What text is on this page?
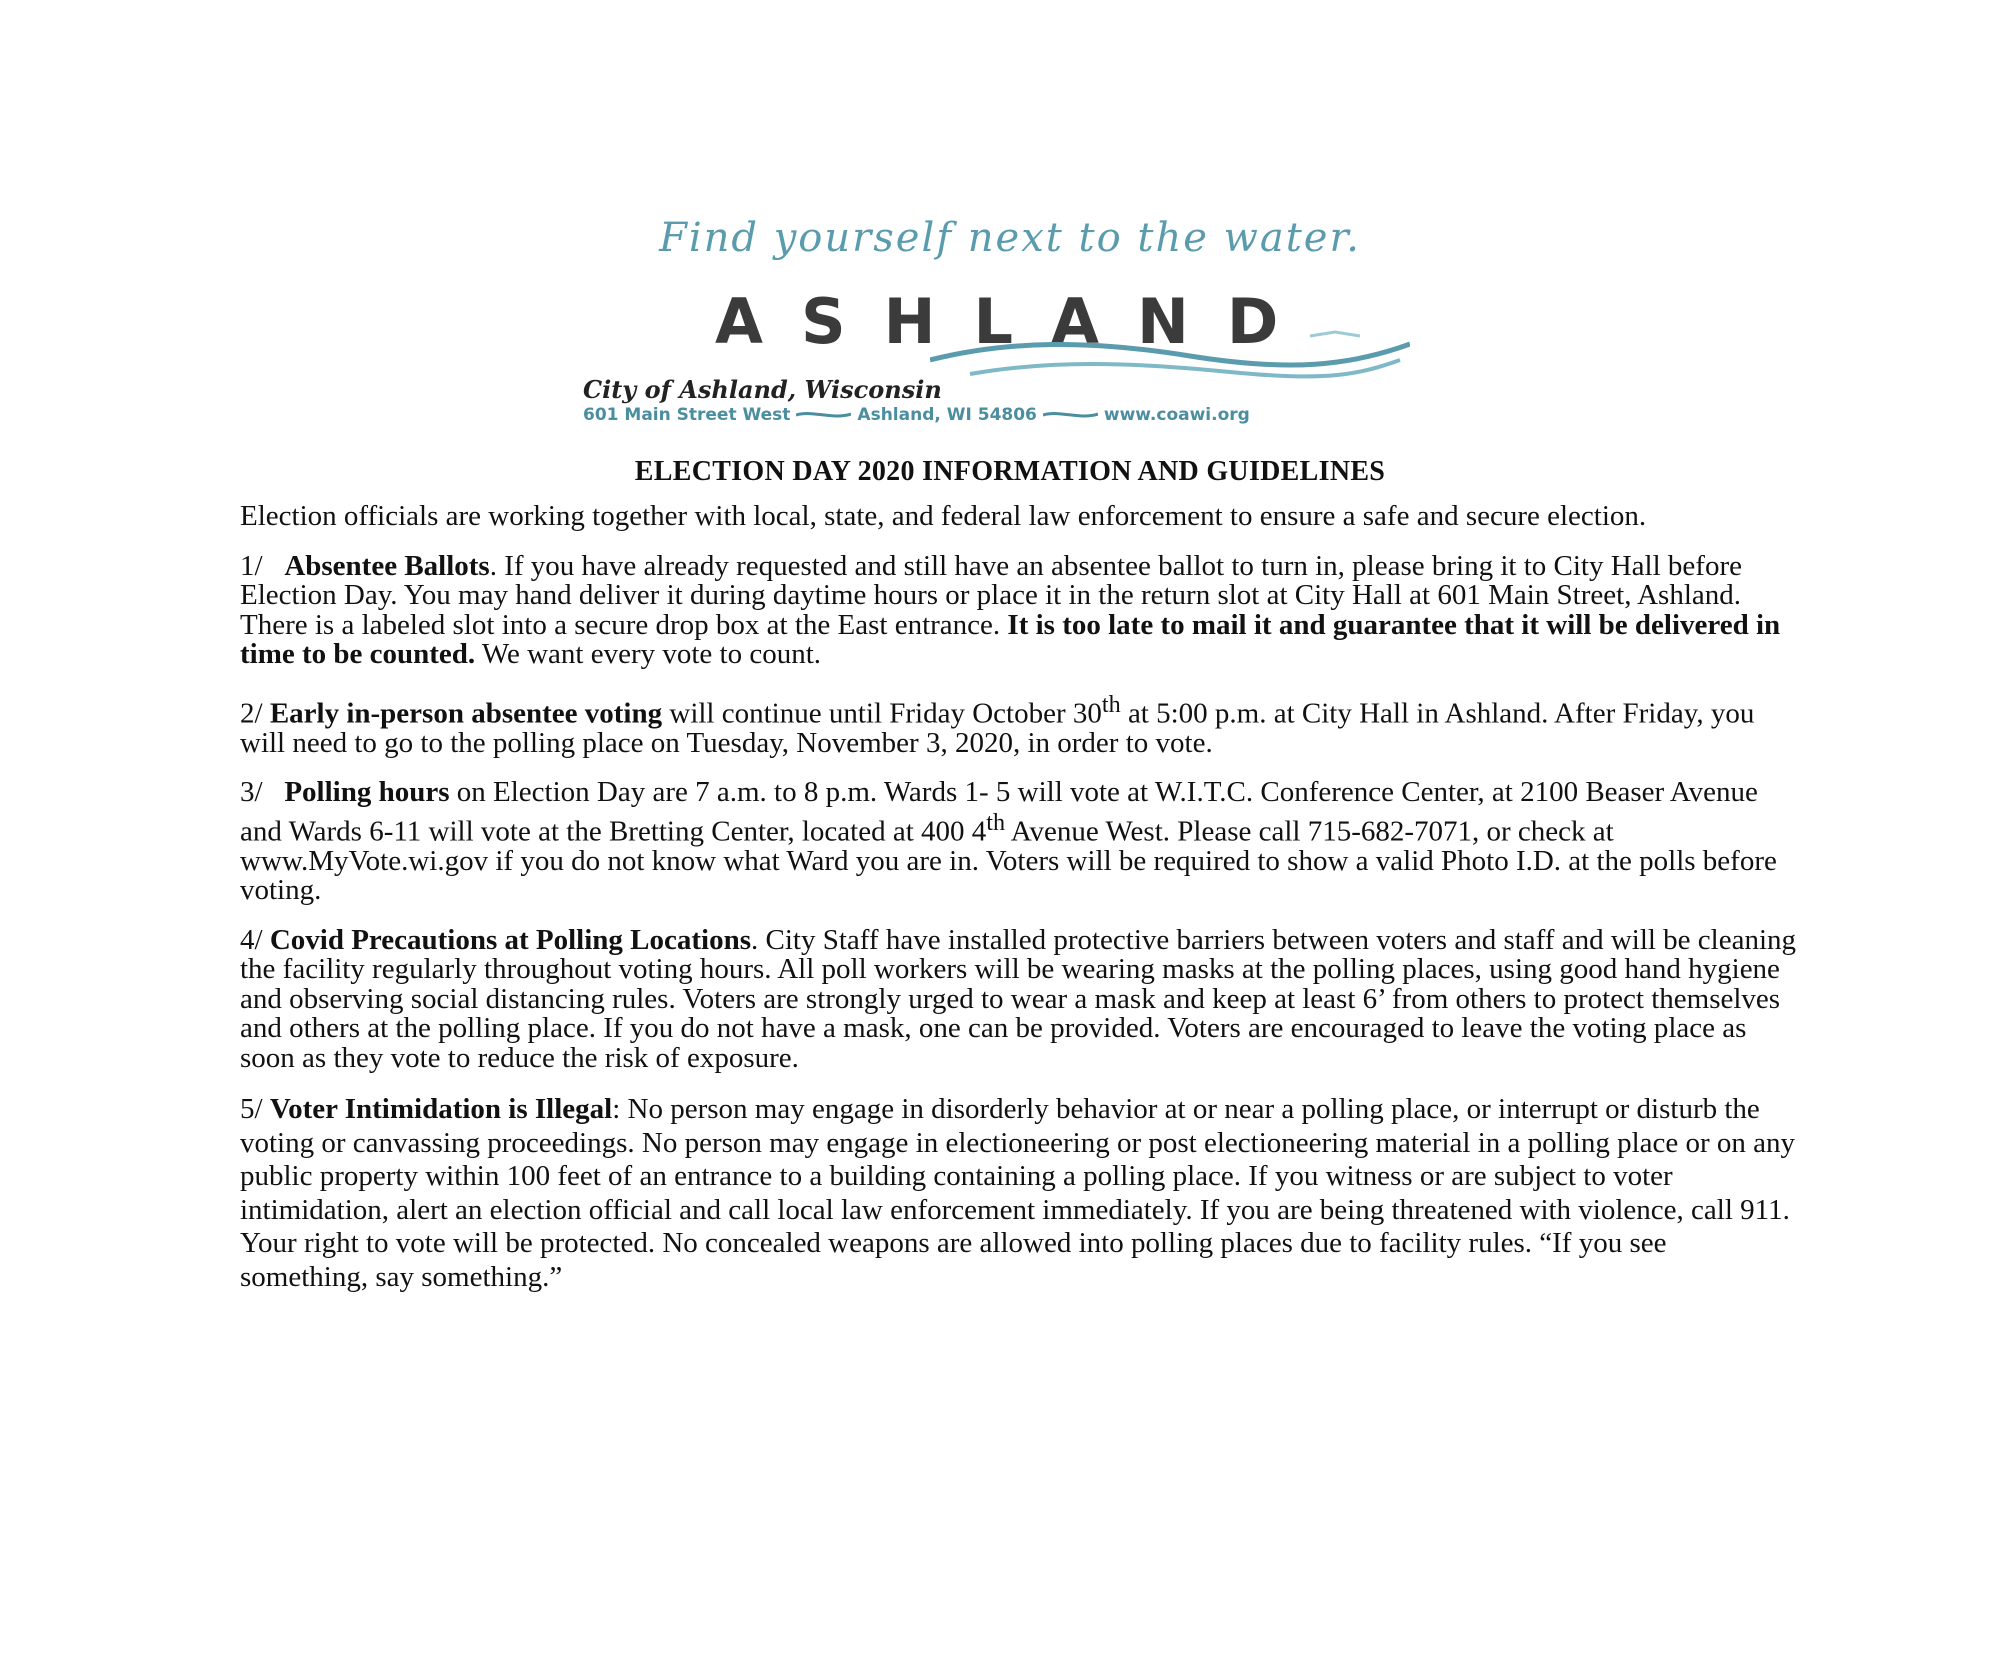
Find yourself next to the water.
ASHLAND
City of Ashland, Wisconsin
601 Main Street West	Ashland, WI 54806	www.coawi.org
ELECTION DAY 2020 INFORMATION AND GUIDELINES

Election officials are working together with local, state, and federal law enforcement to ensure a safe and secure election.

1/ Absentee Ballots. If you have already requested and still have an absentee ballot to turn in, please bring it to City Hall before Election Day. You may hand deliver it during daytime hours or place it in the return slot at City Hall at 601 Main Street, Ashland. There is a labeled slot into a secure drop box at the East entrance. It is too late to mail it and guarantee that it will be delivered in time to be counted. We want every vote to count.

2/ Early in-person absentee voting will continue until Friday October 30th at 5:00 p.m. at City Hall in Ashland. After Friday, you will need to go to the polling place on Tuesday, November 3, 2020, in order to vote.

3/ Polling hours on Election Day are 7 a.m. to 8 p.m. Wards 1- 5 will vote at W.I.T.C. Conference Center, at 2100 Beaser Avenue and Wards 6-11 will vote at the Bretting Center, located at 400 4th Avenue West. Please call 715-682-7071, or check at www.MyVote.wi.gov if you do not know what Ward you are in. Voters will be required to show a valid Photo I.D. at the polls before voting.

4/ Covid Precautions at Polling Locations. City Staff have installed protective barriers between voters and staff and will be cleaning the facility regularly throughout voting hours. All poll workers will be wearing masks at the polling places, using good hand hygiene and observing social distancing rules. Voters are strongly urged to wear a mask and keep at least 6’ from others to protect themselves and others at the polling place. If you do not have a mask, one can be provided. Voters are encouraged to leave the voting place as soon as they vote to reduce the risk of exposure.

5/ Voter Intimidation is Illegal: No person may engage in disorderly behavior at or near a polling place, or interrupt or disturb the voting or canvassing proceedings. No person may engage in electioneering or post electioneering material in a polling place or on any public property within 100 feet of an entrance to a building containing a polling place. If you witness or are subject to voter intimidation, alert an election official and call local law enforcement immediately. If you are being threatened with violence, call 911. Your right to vote will be protected. No concealed weapons are allowed into polling places due to facility rules. “If you see something, say something.”
